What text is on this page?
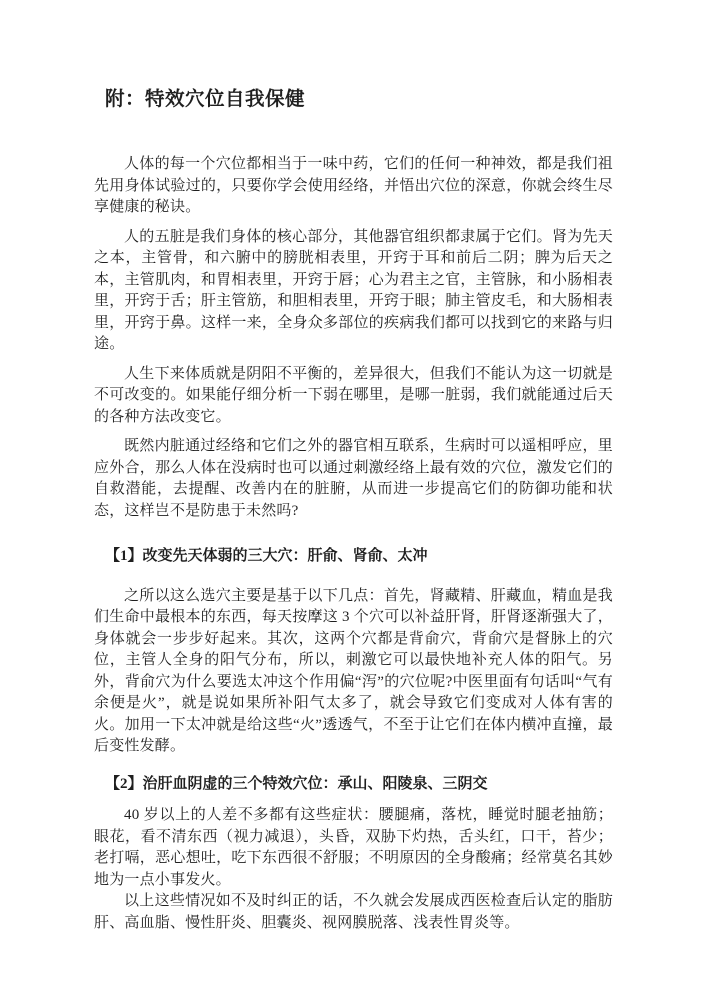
附：特效穴位自我保健

人体的每一个穴位都相当于一味中药，它们的任何一种神效，都是我们祖先用身体试验过的，只要你学会使用经络，并悟出穴位的深意，你就会终生尽享健康的秘诀。

人的五脏是我们身体的核心部分，其他器官组织都隶属于它们。肾为先天之本，主管骨，和六腑中的膀胱相表里，开窍于耳和前后二阴；脾为后天之本，主管肌肉，和胃相表里，开窍于唇；心为君主之官，主管脉，和小肠相表里，开窍于舌；肝主管筋，和胆相表里，开窍于眼；肺主管皮毛，和大肠相表里，开窍于鼻。这样一来，全身众多部位的疾病我们都可以找到它的来路与归途。

人生下来体质就是阴阳不平衡的，差异很大，但我们不能认为这一切就是不可改变的。如果能仔细分析一下弱在哪里，是哪一脏弱，我们就能通过后天的各种方法改变它。

既然内脏通过经络和它们之外的器官相互联系，生病时可以遥相呼应，里应外合，那么人体在没病时也可以通过刺激经络上最有效的穴位，激发它们的自救潜能，去提醒、改善内在的脏腑，从而进一步提高它们的防御功能和状态，这样岂不是防患于未然吗?

【1】改变先天体弱的三大穴：肝俞、肾俞、太冲

之所以这么选穴主要是基于以下几点：首先，肾藏精、肝藏血，精血是我们生命中最根本的东西，每天按摩这 3 个穴可以补益肝肾，肝肾逐渐强大了，身体就会一步步好起来。其次，这两个穴都是背俞穴，背俞穴是督脉上的穴位，主管人全身的阳气分布，所以，刺激它可以最快地补充人体的阳气。另外，背俞穴为什么要选太冲这个作用偏“泻”的穴位呢?中医里面有句话叫“气有余便是火”，就是说如果所补阳气太多了，就会导致它们变成对人体有害的火。加用一下太冲就是给这些“火”透透气，不至于让它们在体内横冲直撞，最后变性发酵。

【2】治肝血阴虚的三个特效穴位：承山、阳陵泉、三阴交

40 岁以上的人差不多都有这些症状：腰腿痛，落枕，睡觉时腿老抽筋；眼花，看不清东西（视力减退），头昏，双胁下灼热，舌头红，口干，苔少；老打嗝，恶心想吐，吃下东西很不舒服；不明原因的全身酸痛；经常莫名其妙地为一点小事发火。

以上这些情况如不及时纠正的话，不久就会发展成西医检查后认定的脂肪肝、高血脂、慢性肝炎、胆囊炎、视网膜脱落、浅表性胃炎等。
